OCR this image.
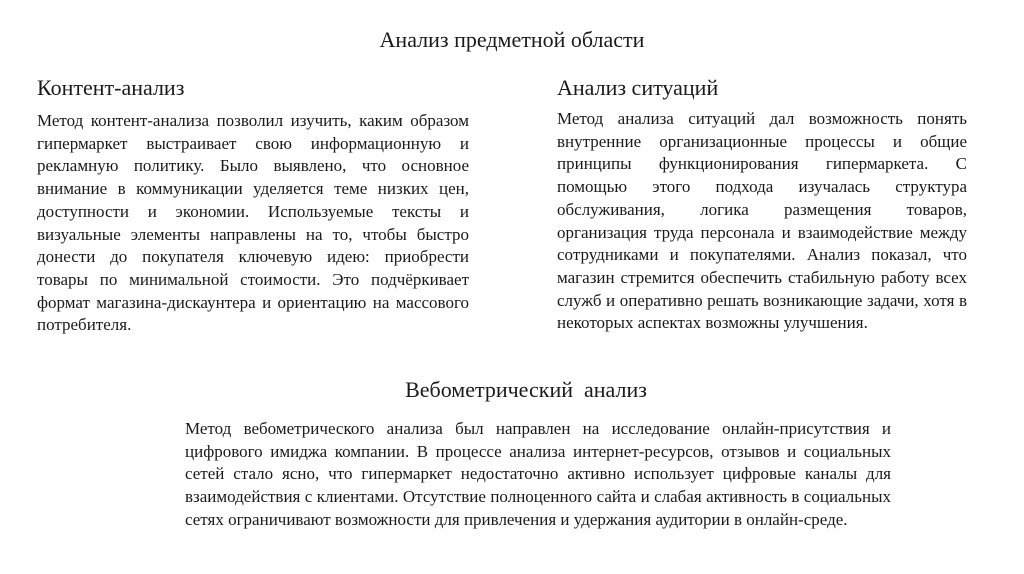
Анализ предметной области
Контент-анализ

Метод контент-анализа позволил изучить, каким образом гипермаркет выстраивает свою информационную и рекламную политику. Было выявлено, что основное внимание в коммуникации уделяется теме низких цен, доступности и экономии. Используемые тексты и визуальные элементы направлены на то, чтобы быстро донести до покупателя ключевую идею: приобрести товары по минимальной стоимости. Это подчёркивает формат магазина-дискаунтера и ориентацию на массового потребителя.

Анализ ситуаций

Метод анализа ситуаций дал возможность понять внутренние организационные процессы и общие принципы функционирования гипермаркета. С помощью этого подхода изучалась структура обслуживания, логика размещения товаров, организация труда персонала и взаимодействие между сотрудниками и покупателями. Анализ показал, что магазин стремится обеспечить стабильную работу всех служб и оперативно решать возникающие задачи, хотя в некоторых аспектах возможны улучшения.

Вебометрический  анализ

Метод вебометрического анализа был направлен на исследование онлайн-присутствия и цифрового имиджа компании. В процессе анализа интернет-ресурсов, отзывов и социальных сетей стало ясно, что гипермаркет недостаточно активно использует цифровые каналы для взаимодействия с клиентами. Отсутствие полноценного сайта и слабая активность в социальных сетях ограничивают возможности для привлечения и удержания аудитории в онлайн-среде.
